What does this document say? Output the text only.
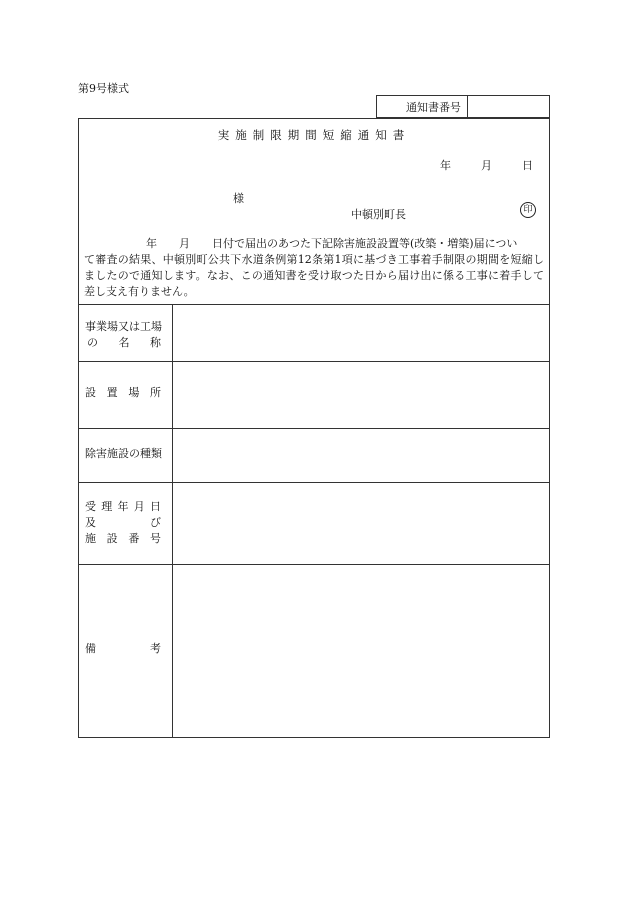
第9号様式
通知書番号
実施制限期間短縮通知書
年	月	日
様
中頓別町長	印
年　　月　　日付で届出のあつた下記除害施設設置等(改築・増築)届につい
て審査の結果、中頓別町公共下水道条例第12条第1項に基づき工事着手制限の期間を短縮しましたので通知します。なお、この通知書を受け取つた日から届け出に係る工事に着手して差し支え有りません。
事業場又は工場
の 名 称
設 置 場 所
除害施設の種類
受 理 年 月 日
及	び
施 設 番 号
備	考
